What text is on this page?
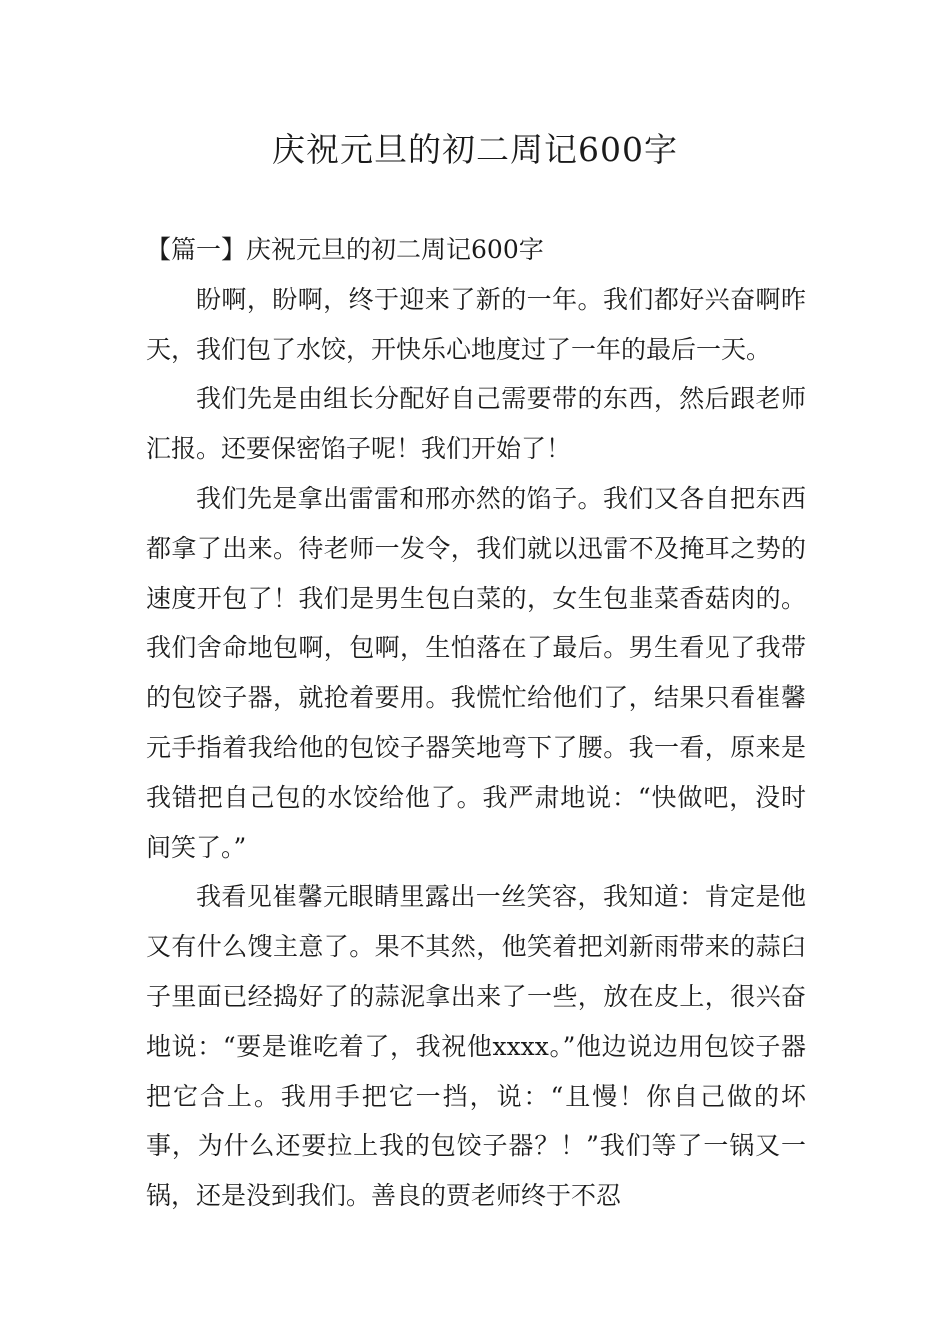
庆祝元旦的初二周记600字

【篇一】庆祝元旦的初二周记600字

盼啊，盼啊，终于迎来了新的一年。我们都好兴奋啊昨天，我们包了水饺，开快乐心地度过了一年的最后一天。

我们先是由组长分配好自己需要带的东西，然后跟老师汇报。还要保密馅子呢！我们开始了！

我们先是拿出雷雷和邢亦然的馅子。我们又各自把东西都拿了出来。待老师一发令，我们就以迅雷不及掩耳之势的速度开包了！我们是男生包白菜的，女生包韭菜香菇肉的。我们舍命地包啊，包啊，生怕落在了最后。男生看见了我带的包饺子器，就抢着要用。我慌忙给他们了，结果只看崔馨元手指着我给他的包饺子器笑地弯下了腰。我一看，原来是我错把自己包的水饺给他了。我严肃地说：“快做吧，没时间笑了。”

我看见崔馨元眼睛里露出一丝笑容，我知道：肯定是他又有什么馊主意了。果不其然，他笑着把刘新雨带来的蒜臼子里面已经捣好了的蒜泥拿出来了一些，放在皮上，很兴奋地说：“要是谁吃着了，我祝他xxxx。”他边说边用包饺子器把它合上。我用手把它一挡，说：“且慢！你自己做的坏事，为什么还要拉上我的包饺子器？！”我们等了一锅又一锅，还是没到我们。善良的贾老师终于不忍
